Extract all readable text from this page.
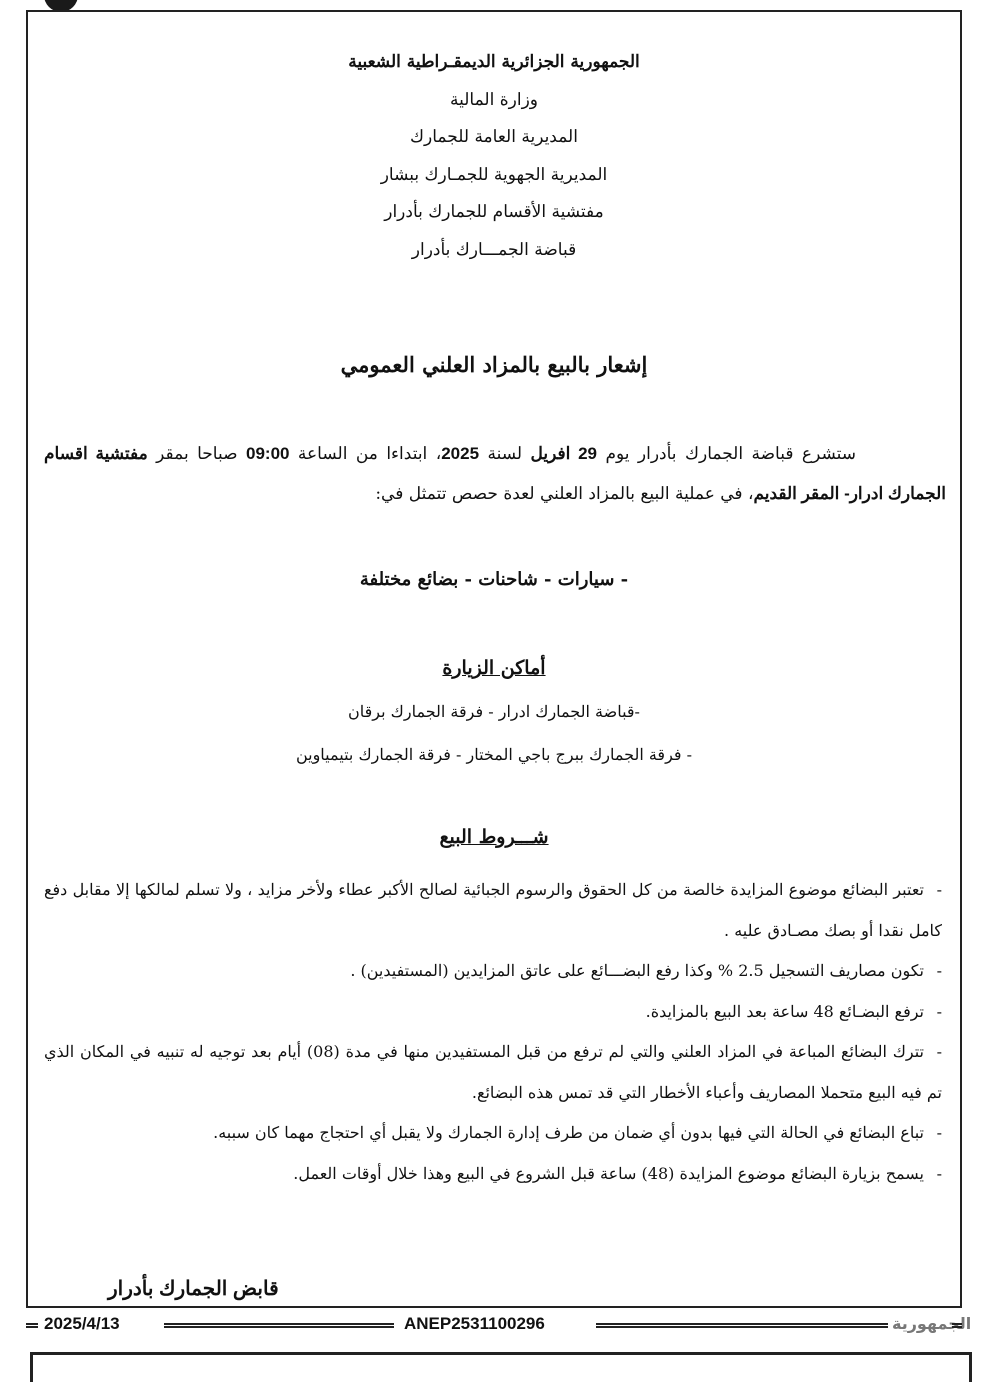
الجمهورية الجزائرية الديمقـراطية الشعبية
وزارة المالية
المديرية العامة للجمارك
المديرية الجهوية للجمـارك ببشار
مفتشية الأقسام للجمارك بأدرار
قباضة الجمـــارك بأدرار
إشعار بالبيع بالمزاد العلني العمومي
ستشرع قباضة الجمارك بأدرار يوم 29 افريل لسنة 2025، ابتداءا من الساعة 09:00 صباحا بمقر مفتشية اقسام الجمارك ادرار- المقر القديم، في عملية البيع بالمزاد العلني لعدة حصص تتمثل في:
- سيارات - شاحنات - بضائع مختلفة
أماكن الزيارة
-قباضة الجمارك ادرار - فرقة الجمارك برقان
- فرقة الجمارك ببرج باجي المختار - فرقة الجمارك بتيمياوين
شـــروط البيع
-تعتبر البضائع موضوع المزايدة خالصة من كل الحقوق والرسوم الجبائية لصالح الأكبر عطاء ولأخر مزايد ، ولا تسلم لمالكها إلا مقابل دفع كامل نقدا أو بصك مصـادق عليه .
-تكون مصاريف التسجيل 2.5 % وكذا رفع البضـــائع على عاتق المزايدين (المستفيدين) .
-ترفع البضـائع 48 ساعة بعد البيع بالمزايدة.
-تترك البضائع المباعة في المزاد العلني والتي لم ترفع من قبل المستفيدين منها في مدة (08) أيام بعد توجيه له تنبيه في المكان الذي تم فيه البيع متحملا المصاريف وأعباء الأخطار التي قد تمس هذه البضائع.
-تباع البضائع في الحالة التي فيها بدون أي ضمان من طرف إدارة الجمارك ولا يقبل أي احتجاج مهما كان سببه.
-يسمح بزيارة البضائع موضوع المزايدة (48) ساعة قبل الشروع في البيع وهذا خلال أوقات العمل.
قابض الجمارك بأدرار
2025/4/13	ANEP2531100296	الجمهورية
